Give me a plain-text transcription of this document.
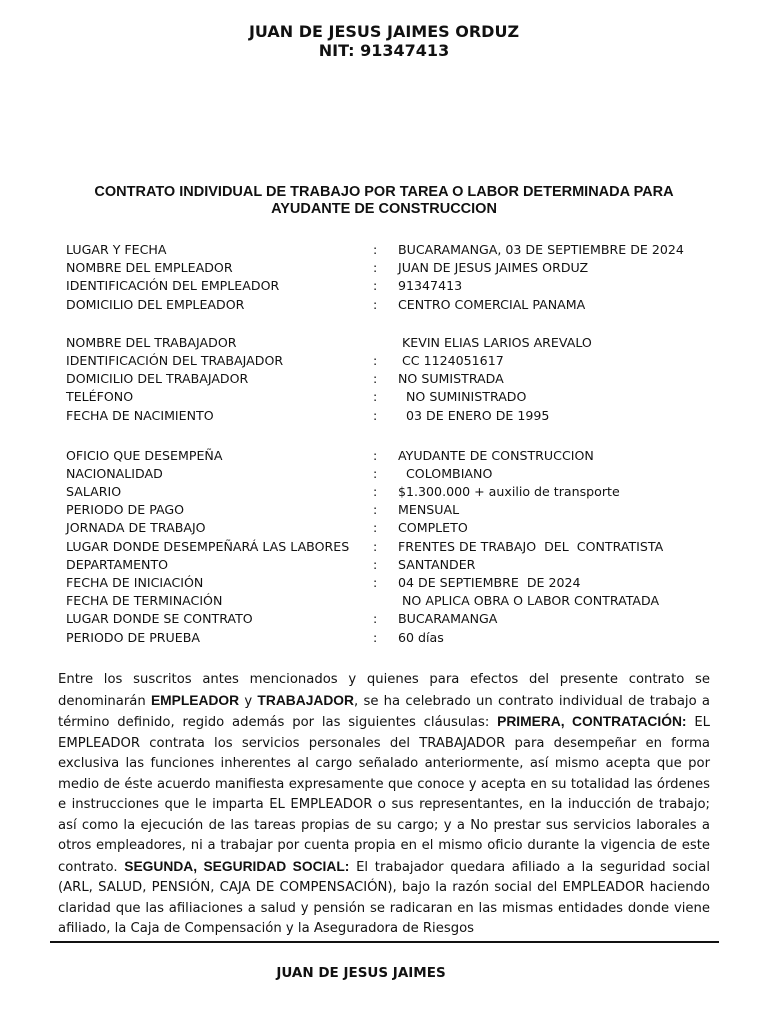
JUAN DE JESUS JAIMES ORDUZ
NIT: 91347413
CONTRATO INDIVIDUAL DE TRABAJO POR TAREA O LABOR DETERMINADA PARA
AYUDANTE DE CONSTRUCCION
LUGAR Y FECHA	: BUCARAMANGA, 03 DE SEPTIEMBRE DE 2024
NOMBRE DEL EMPLEADOR	: JUAN DE JESUS JAIMES ORDUZ
IDENTIFICACIÓN DEL EMPLEADOR	: 91347413
DOMICILIO DEL EMPLEADOR	: CENTRO COMERCIAL PANAMA
NOMBRE DEL TRABAJADOR	KEVIN ELIAS LARIOS AREVALO
IDENTIFICACIÓN DEL TRABAJADOR	: CC 1124051617
DOMICILIO DEL TRABAJADOR	: NO SUMISTRADA
TELÉFONO	: NO SUMINISTRADO
FECHA DE NACIMIENTO	: 03 DE ENERO DE 1995
OFICIO QUE DESEMPEÑA	: AYUDANTE DE CONSTRUCCION
NACIONALIDAD	: COLOMBIANO
SALARIO	: $1.300.000 + auxilio de transporte
PERIODO DE PAGO	: MENSUAL
JORNADA DE TRABAJO	: COMPLETO
LUGAR DONDE DESEMPEÑARÁ LAS LABORES : FRENTES DE TRABAJO  DEL  CONTRATISTA
DEPARTAMENTO	: SANTANDER
FECHA DE INICIACIÓN	: 04 DE SEPTIEMBRE  DE 2024
FECHA DE TERMINACIÓN	NO APLICA OBRA O LABOR CONTRATADA
LUGAR DONDE SE CONTRATO	: BUCARAMANGA
PERIODO DE PRUEBA	: 60 días
Entre los suscritos antes mencionados y quienes para efectos del presente contrato se denominarán EMPLEADOR y TRABAJADOR, se ha celebrado un contrato individual de trabajo a término definido, regido además por las siguientes cláusulas: PRIMERA, CONTRATACIÓN: EL EMPLEADOR contrata los servicios personales del TRABAJADOR para desempeñar en forma exclusiva las funciones inherentes al cargo señalado anteriormente, así mismo acepta que por medio de éste acuerdo manifiesta expresamente que conoce y acepta en su totalidad las órdenes e instrucciones que le imparta EL EMPLEADOR o sus representantes, en la inducción de trabajo; así como la ejecución de las tareas propias de su cargo; y a No prestar sus servicios laborales a otros empleadores, ni a trabajar por cuenta propia en el mismo oficio durante la vigencia de este contrato. SEGUNDA, SEGURIDAD SOCIAL: El trabajador quedara afiliado a la seguridad social (ARL, SALUD, PENSIÓN, CAJA DE COMPENSACIÓN), bajo la razón social del EMPLEADOR haciendo claridad que las afiliaciones a salud y pensión se radicaran en las mismas entidades donde viene afiliado, la Caja de Compensación y la Aseguradora de Riesgos
JUAN DE JESUS JAIMES
